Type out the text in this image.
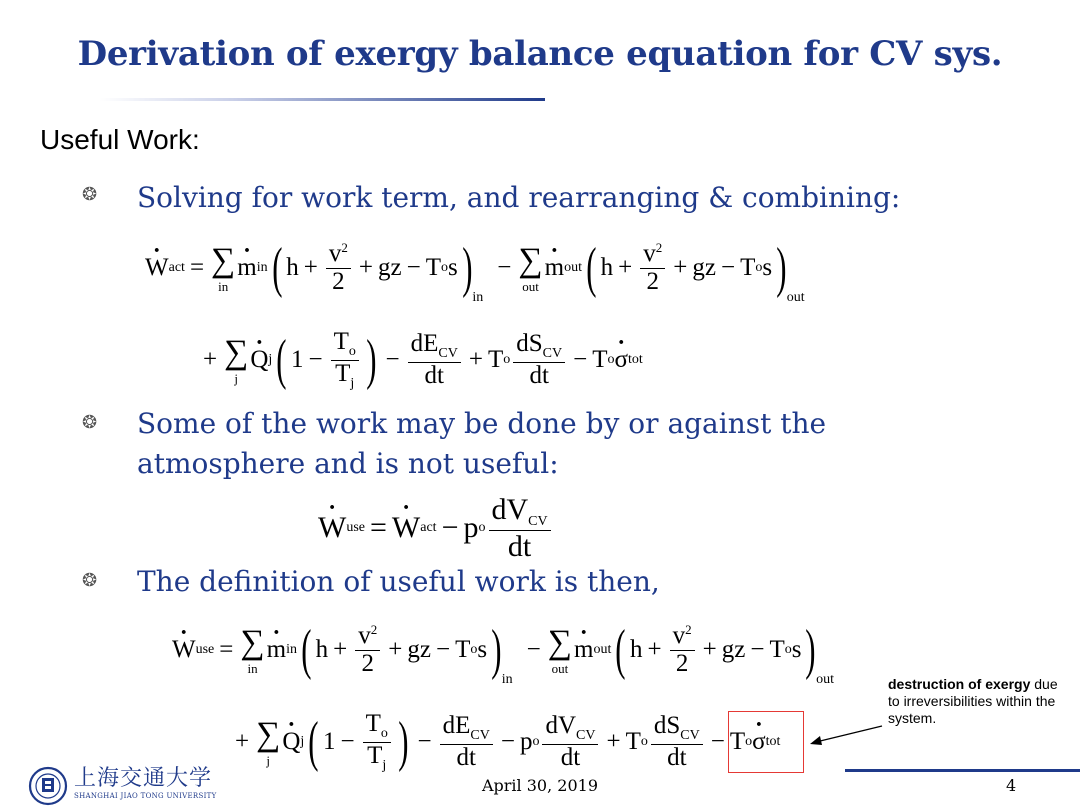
Derivation of exergy balance equation for CV sys.
Useful Work:
❂ Solving for work term, and rearranging & combining:
· W act = ∑
in
· m in ( $h + \frac{v^2}{2}$ + gz − T o s ) in
− ∑
out
· m out ( $h + \frac{v^2}{2}$ + gz − T o s ) out
+ ∑
j
· Q j ( $1 - \frac{T_o}{T_j}$ ) − $\frac{dE_{CV}}{dt} + T$ o $\frac{dS_{CV}}{dt} - T$ o · σ tot
❂ Some of the work may be done by or against the atmosphere and is not useful:
· W use = · W act − p o $\frac{dV_{CV}}{dt}$
❂ The definition of useful work is then,
· W use = ∑
in
· m in ( $h + \frac{v^2}{2}$ + gz − T o s ) in
− ∑
out
· m out ( $h + \frac{v^2}{2}$ + gz − T o s ) out
+ ∑
j
· Q j ( $1 - \frac{T_o}{T_j}$ ) − $\frac{dE_{CV}}{dt} - p$ o $\frac{dV_{CV}}{dt} + T$ o $\frac{dS_{CV}}{dt} - T$ o · σ tot
destruction of exergy due to irreversibilities within the system.
上海交通大学
SHANGHAI JIAO TONG UNIVERSITY
April 30, 2019	4
